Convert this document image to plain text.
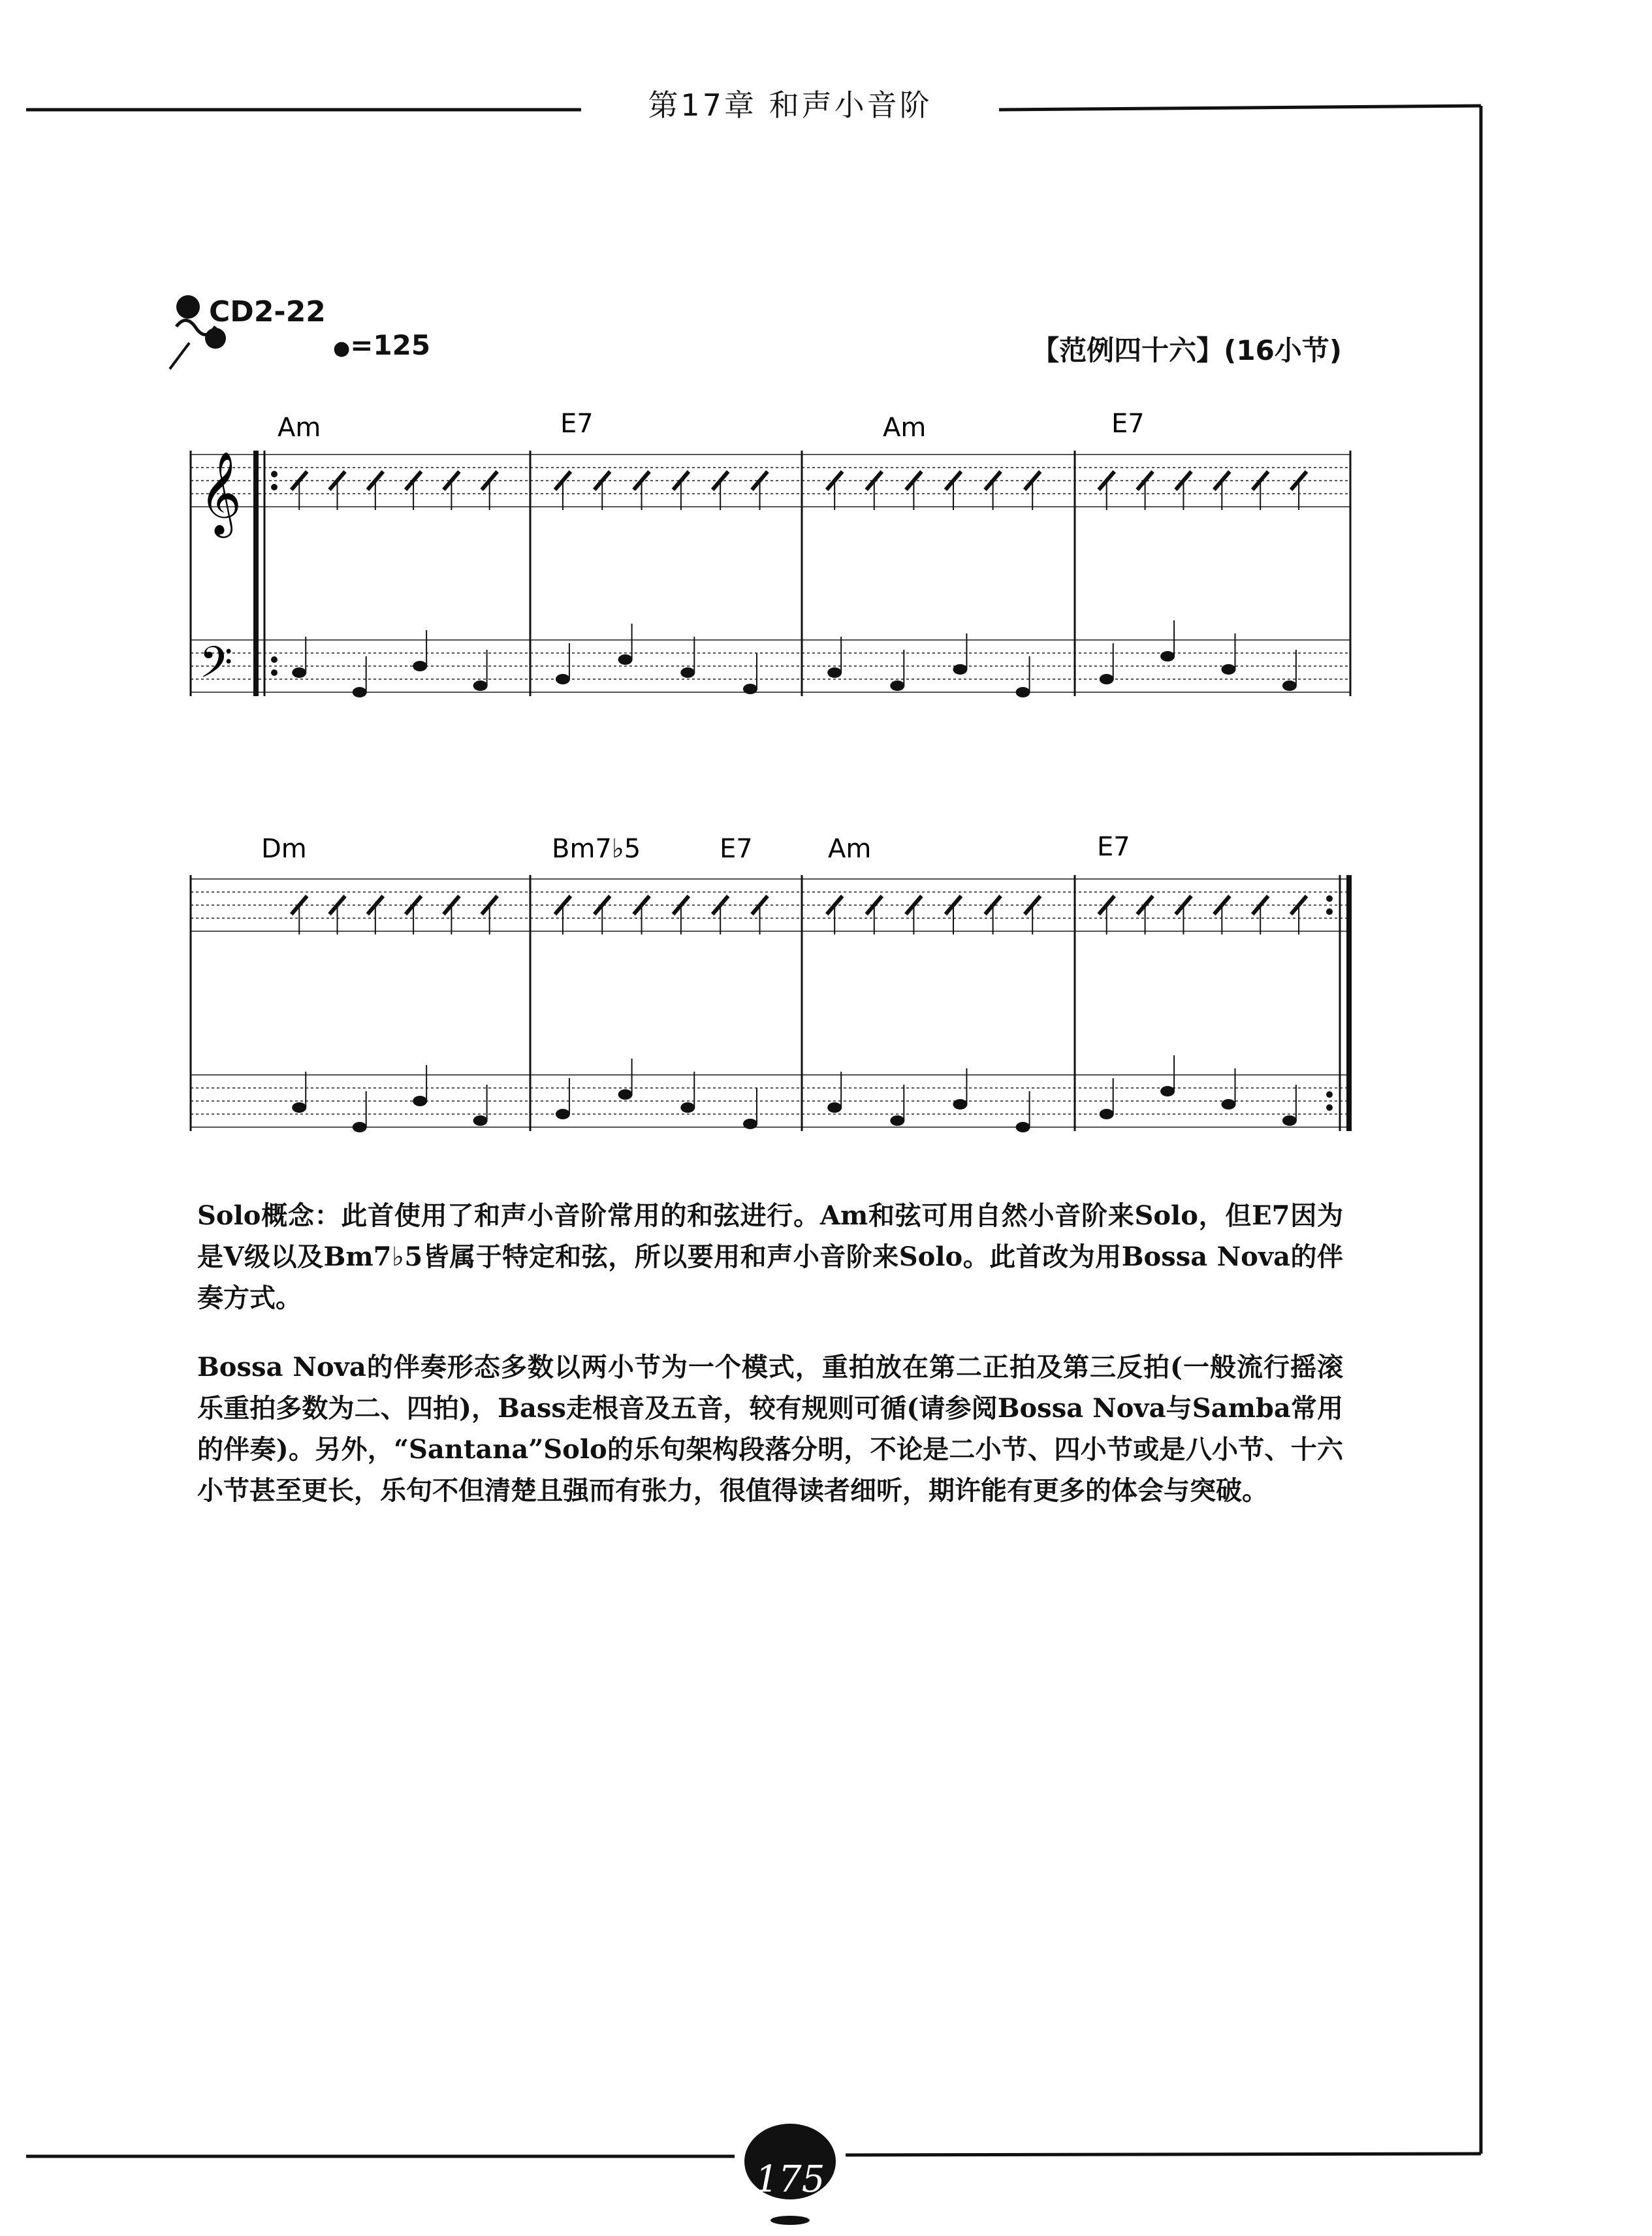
第17章 和声小音阶
CD2-22
●=125	【范例四十六】(16小节)
Am	E7	Am	E7
𝄞
𝄢
Dm	Bm7♭5	E7	Am	E7
Solo概念：此首使用了和声小音阶常用的和弦进行。Am和弦可用自然小音阶来Solo，但E7因为是Ⅴ级以及Bm7♭5皆属于特定和弦，所以要用和声小音阶来Solo。此首改为用Bossa Nova的伴奏方式。
Bossa Nova的伴奏形态多数以两小节为一个模式，重拍放在第二正拍及第三反拍(一般流行摇滚乐重拍多数为二、四拍)，Bass走根音及五音，较有规则可循(请参阅Bossa Nova与Samba常用的伴奏)。另外，“Santana”Solo的乐句架构段落分明，不论是二小节、四小节或是八小节、十六小节甚至更长，乐句不但清楚且强而有张力，很值得读者细听，期许能有更多的体会与突破。
175
